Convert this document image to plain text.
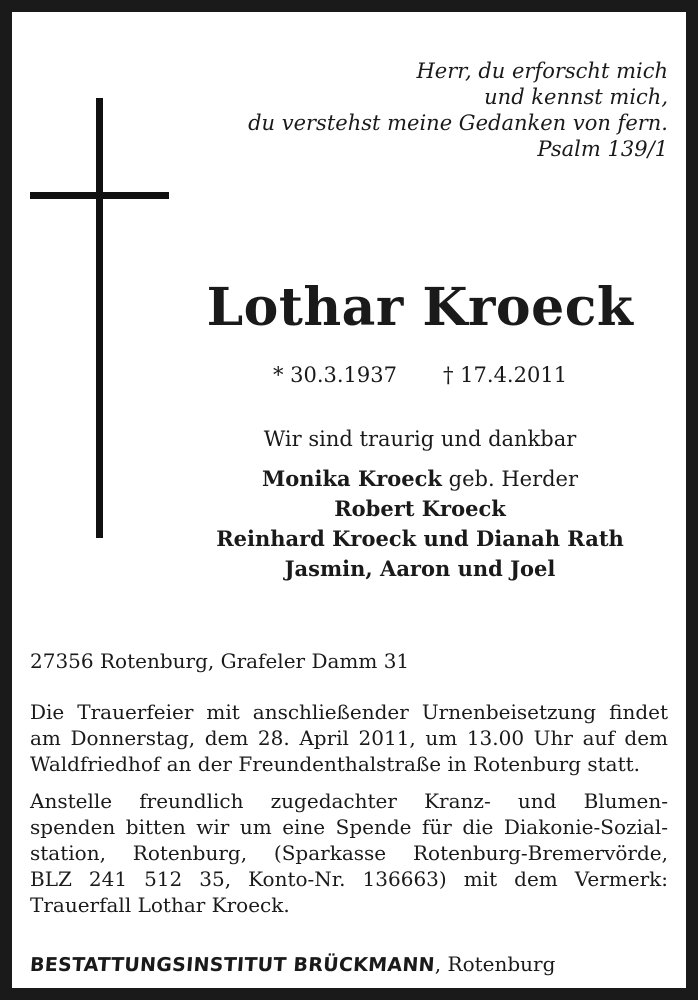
Herr, du erforscht mich
und kennst mich,
du verstehst meine Gedanken von fern.
Psalm 139/1
Lothar Kroeck
* 30.3.1937 † 17.4.2011
Wir sind traurig und dankbar
Monika Kroeck geb. Herder
Robert Kroeck
Reinhard Kroeck und Dianah Rath
Jasmin, Aaron und Joel
27356 Rotenburg, Grafeler Damm 31
Die Trauerfeier mit anschließender Urnenbeisetzung findet
am Donnerstag, dem 28. April 2011, um 13.00 Uhr auf dem
Waldfriedhof an der Freundenthalstraße in Rotenburg statt.
Anstelle freundlich zugedachter Kranz- und Blumen-
spenden bitten wir um eine Spende für die Diakonie-Sozial-
station, Rotenburg, (Sparkasse Rotenburg-Bremervörde,
BLZ 241 512 35, Konto-Nr. 136663) mit dem Vermerk:
Trauerfall Lothar Kroeck.
BESTATTUNGSINSTITUT BRÜCKMANN, Rotenburg
